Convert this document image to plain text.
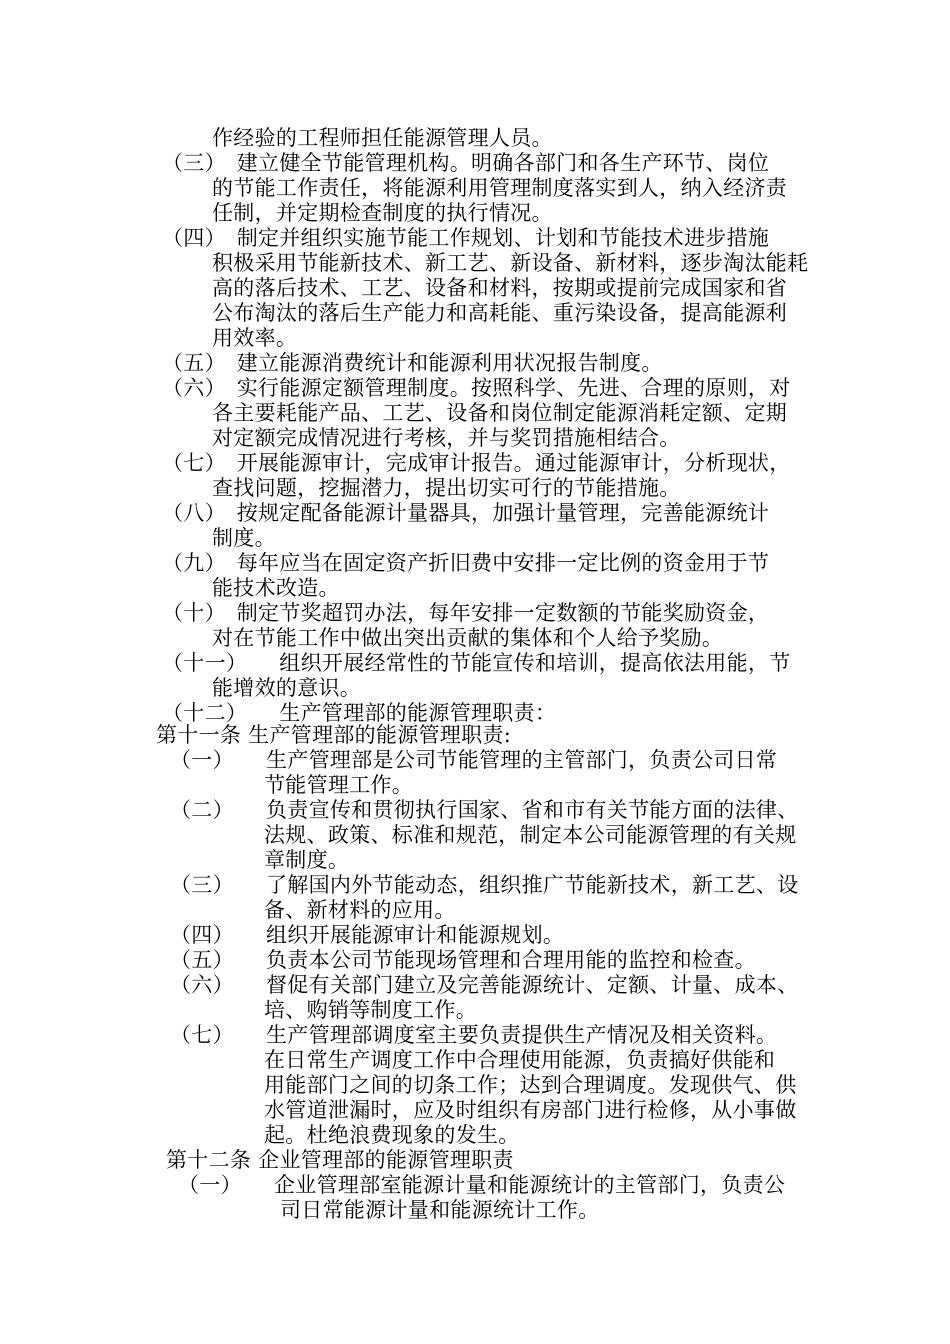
作经验的工程师担任能源管理人员。
（三）　建立健全节能管理机构。明确各部门和各生产环节、岗位
的节能工作责任，将能源利用管理制度落实到人，纳入经济责
任制，并定期检查制度的执行情况。
（四）　制定并组织实施节能工作规划、计划和节能技术进步措施
积极采用节能新技术、新工艺、新设备、新材料，逐步淘汰能耗
高的落后技术、工艺、设备和材料，按期或提前完成国家和省
公布淘汰的落后生产能力和高耗能、重污染设备，提高能源利
用效率。
（五）　建立能源消费统计和能源利用状况报告制度。
（六）　实行能源定额管理制度。按照科学、先进、合理的原则，对
各主要耗能产品、工艺、设备和岗位制定能源消耗定额、定期
对定额完成情况进行考核，并与奖罚措施相结合。
（七）　开展能源审计，完成审计报告。通过能源审计，分析现状，
查找问题，挖掘潜力，提出切实可行的节能措施。
（八）　按规定配备能源计量器具，加强计量管理，完善能源统计
制度。
（九）　每年应当在固定资产折旧费中安排一定比例的资金用于节
能技术改造。
（十）　制定节奖超罚办法，每年安排一定数额的节能奖励资金，
对在节能工作中做出突出贡献的集体和个人给予奖励。
（十一）　　组织开展经常性的节能宣传和培训，提高依法用能，节
能增效的意识。
（十二）　　生产管理部的能源管理职责：
第十一条 生产管理部的能源管理职责:
（一）　　生产管理部是公司节能管理的主管部门，负责公司日常
节能管理工作。
（二）　　负责宣传和贯彻执行国家、省和市有关节能方面的法律、
法规、政策、标准和规范，制定本公司能源管理的有关规
章制度。
（三）　　了解国内外节能动态，组织推广节能新技术，新工艺、设
备、新材料的应用。
（四）　　组织开展能源审计和能源规划。
（五）　　负责本公司节能现场管理和合理用能的监控和检查。
（六）　　督促有关部门建立及完善能源统计、定额、计量、成本、
培、购销等制度工作。
（七）　　生产管理部调度室主要负责提供生产情况及相关资料。
在日常生产调度工作中合理使用能源，负责搞好供能和
用能部门之间的切条工作；达到合理调度。发现供气、供
水管道泄漏时，应及时组织有房部门进行检修，从小事做
起。杜绝浪费现象的发生。
第十二条 企业管理部的能源管理职责
（一）　　企业管理部室能源计量和能源统计的主管部门，负责公
司日常能源计量和能源统计工作。
